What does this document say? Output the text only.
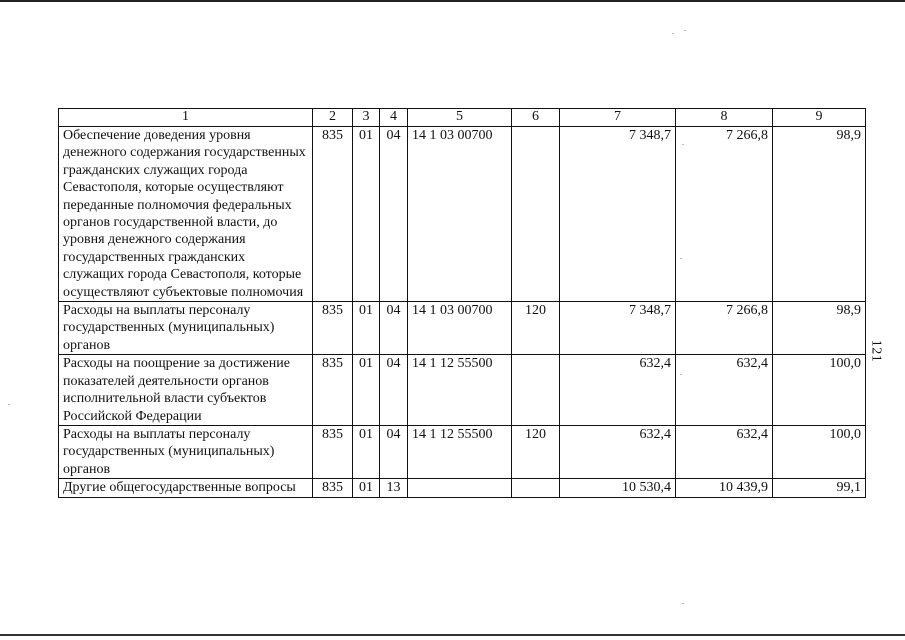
121
1	2	3	4	5	6	7	8	9
Обеспечение доведения уровня денежного содержания государственных гражданских служащих города Севастополя, которые осуществляют переданные полномочия федеральных органов государственной власти, до уровня денежного содержания государственных гражданских служащих города Севастополя, которые осуществляют субъектовые полномочия	835	01	04	14 1 03 00700		7 348,7	7 266,8	98,9
Расходы на выплаты персоналу государственных (муниципальных) органов	835	01	04	14 1 03 00700	120	7 348,7	7 266,8	98,9
Расходы на поощрение за достижение показателей деятельности органов исполнительной власти субъектов Российской Федерации	835	01	04	14 1 12 55500		632,4	632,4	100,0
Расходы на выплаты персоналу государственных (муниципальных) органов	835	01	04	14 1 12 55500	120	632,4	632,4	100,0
Другие общегосударственные вопросы	835	01	13			10 530,4	10 439,9	99,1
